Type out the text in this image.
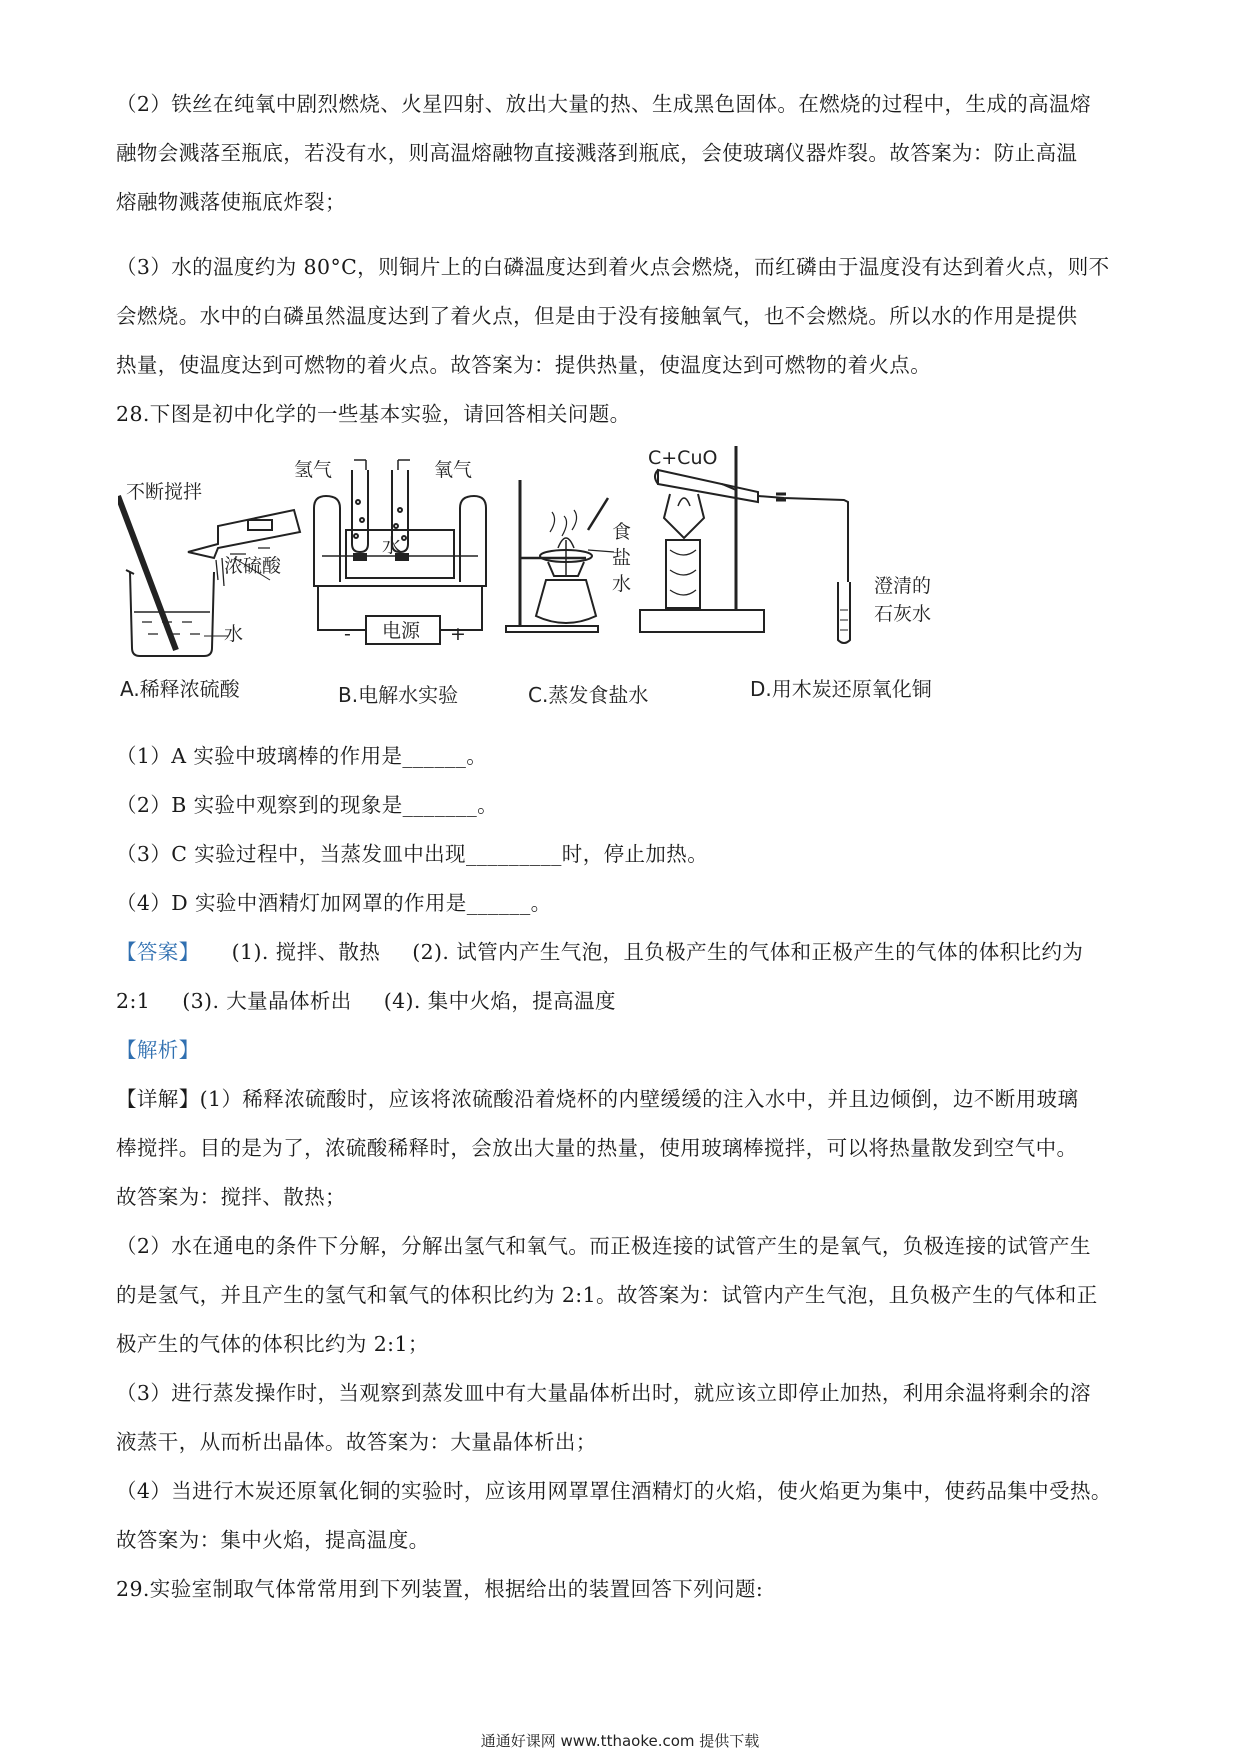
（2）铁丝在纯氧中剧烈燃烧、火星四射、放出大量的热、生成黑色固体。在燃烧的过程中，生成的高温熔
融物会溅落至瓶底，若没有水，则高温熔融物直接溅落到瓶底，会使玻璃仪器炸裂。故答案为：防止高温
熔融物溅落使瓶底炸裂；
（3）水的温度约为 80°C，则铜片上的白磷温度达到着火点会燃烧，而红磷由于温度没有达到着火点，则不
会燃烧。水中的白磷虽然温度达到了着火点，但是由于没有接触氧气，也不会燃烧。所以水的作用是提供
热量，使温度达到可燃物的着火点。故答案为：提供热量，使温度达到可燃物的着火点。
28.下图是初中化学的一些基本实验，请回答相关问题。
不断搅拌
浓硫酸
水
氢气	氧气
水
电源
-	+
食
盐
水
C+CuO
澄清的
石灰水
A.稀释浓硫酸	B.电解水实验	C.蒸发食盐水	D.用木炭还原氧化铜
（1）A 实验中玻璃棒的作用是______。
（2）B 实验中观察到的现象是_______。
（3）C 实验过程中，当蒸发皿中出现_________时，停止加热。
（4）D 实验中酒精灯加网罩的作用是______。
【答案】 (1). 搅拌、散热 (2). 试管内产生气泡，且负极产生的气体和正极产生的气体的体积比约为
2:1 (3). 大量晶体析出 (4). 集中火焰，提高温度
【解析】
【详解】(1）稀释浓硫酸时，应该将浓硫酸沿着烧杯的内壁缓缓的注入水中，并且边倾倒，边不断用玻璃
棒搅拌。目的是为了，浓硫酸稀释时，会放出大量的热量，使用玻璃棒搅拌，可以将热量散发到空气中。
故答案为：搅拌、散热；
（2）水在通电的条件下分解，分解出氢气和氧气。而正极连接的试管产生的是氧气，负极连接的试管产生
的是氢气，并且产生的氢气和氧气的体积比约为 2:1。故答案为：试管内产生气泡，且负极产生的气体和正
极产生的气体的体积比约为 2:1；
（3）进行蒸发操作时，当观察到蒸发皿中有大量晶体析出时，就应该立即停止加热，利用余温将剩余的溶
液蒸干，从而析出晶体。故答案为：大量晶体析出；
（4）当进行木炭还原氧化铜的实验时，应该用网罩罩住酒精灯的火焰，使火焰更为集中，使药品集中受热。
故答案为：集中火焰，提高温度。
29.实验室制取气体常常用到下列装置，根据给出的装置回答下列问题:
通通好课网 www.tthaoke.com 提供下载
